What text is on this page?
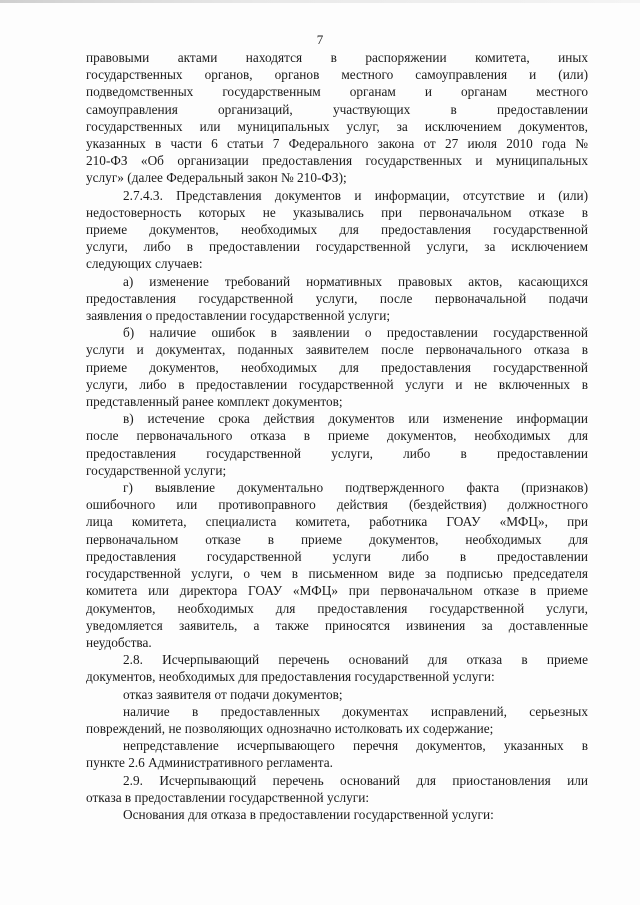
7

правовыми актами находятся в распоряжении комитета, иных
государственных органов, органов местного самоуправления и (или)
подведомственных государственным органам и органам местного
самоуправления организаций, участвующих в предоставлении
государственных или муниципальных услуг, за исключением документов,
указанных в части 6 статьи 7 Федерального закона от 27 июля 2010 года №
210-ФЗ «Об организации предоставления государственных и муниципальных
услуг» (далее Федеральный закон № 210-ФЗ);

2.7.4.3. Представления документов и информации, отсутствие и (или)
недостоверность которых не указывались при первоначальном отказе в
приеме документов, необходимых для предоставления государственной
услуги, либо в предоставлении государственной услуги, за исключением
следующих случаев:

а) изменение требований нормативных правовых актов, касающихся
предоставления государственной услуги, после первоначальной подачи
заявления о предоставлении государственной услуги;

б) наличие ошибок в заявлении о предоставлении государственной
услуги и документах, поданных заявителем после первоначального отказа в
приеме документов, необходимых для предоставления государственной
услуги, либо в предоставлении государственной услуги и не включенных в
представленный ранее комплект документов;

в) истечение срока действия документов или изменение информации
после первоначального отказа в приеме документов, необходимых для
предоставления государственной услуги, либо в предоставлении
государственной услуги;

г) выявление документально подтвержденного факта (признаков)
ошибочного или противоправного действия (бездействия) должностного
лица комитета, специалиста комитета, работника ГОАУ «МФЦ», при
первоначальном отказе в приеме документов, необходимых для
предоставления государственной услуги либо в предоставлении
государственной услуги, о чем в письменном виде за подписью председателя
комитета или директора ГОАУ «МФЦ» при первоначальном отказе в приеме
документов, необходимых для предоставления государственной услуги,
уведомляется заявитель, а также приносятся извинения за доставленные
неудобства.

2.8. Исчерпывающий перечень оснований для отказа в приеме
документов, необходимых для предоставления государственной услуги:

отказ заявителя от подачи документов;

наличие в предоставленных документах исправлений, серьезных
повреждений, не позволяющих однозначно истолковать их содержание;

непредставление исчерпывающего перечня документов, указанных в
пункте 2.6 Административного регламента.

2.9. Исчерпывающий перечень оснований для приостановления или
отказа в предоставлении государственной услуги:

Основания для отказа в предоставлении государственной услуги:
